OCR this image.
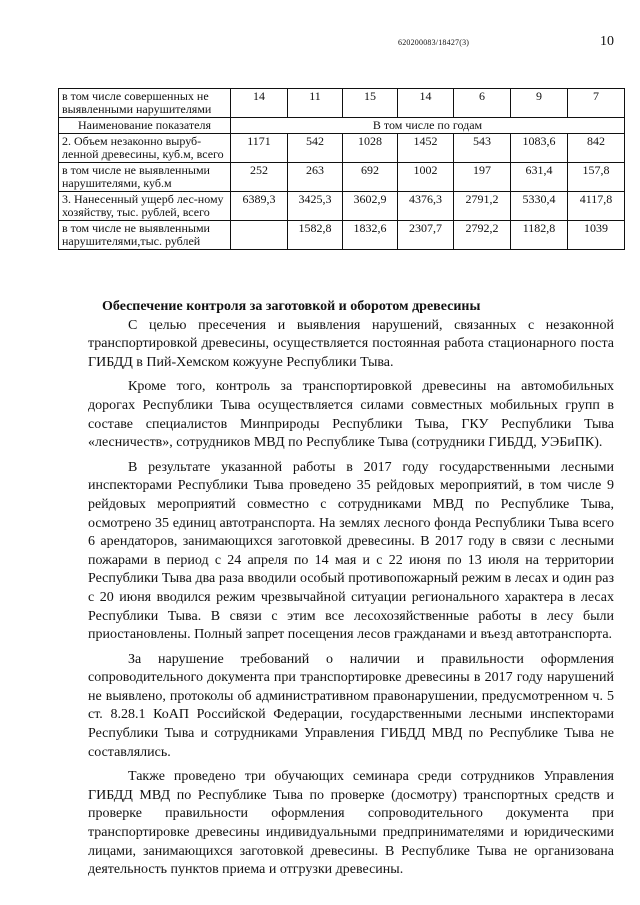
620200083/18427(3)	10
в том числе совершенных не выявленными нарушителями	14	11	15	14	6	9	7
Наименование показателя	В том числе по годам						
2. Объем незаконно выруб-ленной древесины, куб.м, всего	1171	542	1028	1452	543	1083,6	842
в том числе не выявленными нарушителями, куб.м	252	263	692	1002	197	631,4	157,8
3. Нанесенный ущерб лес-ному хозяйству, тыс. рублей, всего	6389,3	3425,3	3602,9	4376,3	2791,2	5330,4	4117,8
в том числе не выявленными нарушителями,тыс. рублей		1582,8	1832,6	2307,7	2792,2	1182,8	1039

Обеспечение контроля за заготовкой и оборотом древесины

С целью пресечения и выявления нарушений, связанных с незаконной транспортировкой древесины, осуществляется постоянная работа стационарного поста ГИБДД в Пий-Хемском кожууне Республики Тыва.

Кроме того, контроль за транспортировкой древесины на автомобильных дорогах Республики Тыва осуществляется силами совместных мобильных групп в составе специалистов Минприроды Республики Тыва, ГКУ Республики Тыва «лесничеств», сотрудников МВД по Республике Тыва (сотрудники ГИБДД, УЭБиПК).

В результате указанной работы в 2017 году государственными лесными инспекторами Республики Тыва проведено 35 рейдовых мероприятий, в том числе 9 рейдовых мероприятий совместно с сотрудниками МВД по Республике Тыва, осмотрено 35 единиц автотранспорта. На землях лесного фонда Республики Тыва всего 6 арендаторов, занимающихся заготовкой древесины. В 2017 году в связи с лесными пожарами в период с 24 апреля по 14 мая и с 22 июня по 13 июля на территории Республики Тыва два раза вводили особый противопожарный режим в лесах и один раз с 20 июня вводился режим чрезвычайной ситуации регионального характера в лесах Республики Тыва. В связи с этим все лесохозяйственные работы в лесу были приостановлены. Полный запрет посещения лесов гражданами и въезд автотранспорта.

За нарушение требований о наличии и правильности оформления сопроводительного документа при транспортировке древесины в 2017 году нарушений не выявлено, протоколы об административном правонарушении, предусмотренном ч. 5 ст. 8.28.1 КоАП Российской Федерации, государственными лесными инспекторами Республики Тыва и сотрудниками Управления ГИБДД МВД по Республике Тыва не составлялись.

Также проведено три обучающих семинара среди сотрудников Управления ГИБДД МВД по Республике Тыва по проверке (досмотру) транспортных средств и проверке правильности оформления сопроводительного документа при транспортировке древесины индивидуальными предпринимателями и юридическими лицами, занимающихся заготовкой древесины. В Республике Тыва не организована деятельность пунктов приема и отгрузки древесины.
